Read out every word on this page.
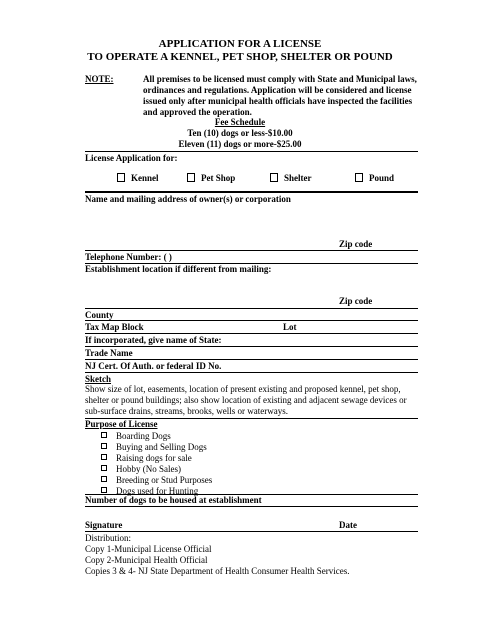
APPLICATION FOR A LICENSE
TO OPERATE A KENNEL, PET SHOP, SHELTER OR POUND
NOTE:	All premises to be licensed must comply with State and Municipal laws, ordinances and regulations. Application will be considered and license issued only after municipal health officials have inspected the facilities and approved the operation.
Fee Schedule
Ten (10) dogs or less-$10.00
Eleven (11) dogs or more-$25.00
License Application for:
Kennel	Pet Shop	Shelter	Pound
Name and mailing address of owner(s) or corporation
Zip code
Telephone Number: ( )
Establishment location if different from mailing:
Zip code
County
Tax Map Block	Lot
If incorporated, give name of State:
Trade Name
NJ Cert. Of Auth. or federal ID No.
Sketch
Show size of lot, easements, location of present existing and proposed kennel, pet shop, shelter or pound buildings; also show location of existing and adjacent sewage devices or sub-surface drains, streams, brooks, wells or waterways.
Purpose of License
Boarding Dogs
Buying and Selling Dogs
Raising dogs for sale
Hobby (No Sales)
Breeding or Stud Purposes
Dogs used for Hunting
Number of dogs to be housed at establishment
Signature	Date
Distribution:
Copy 1-Municipal License Official
Copy 2-Municipal Health Official
Copies 3 & 4- NJ State Department of Health Consumer Health Services.
